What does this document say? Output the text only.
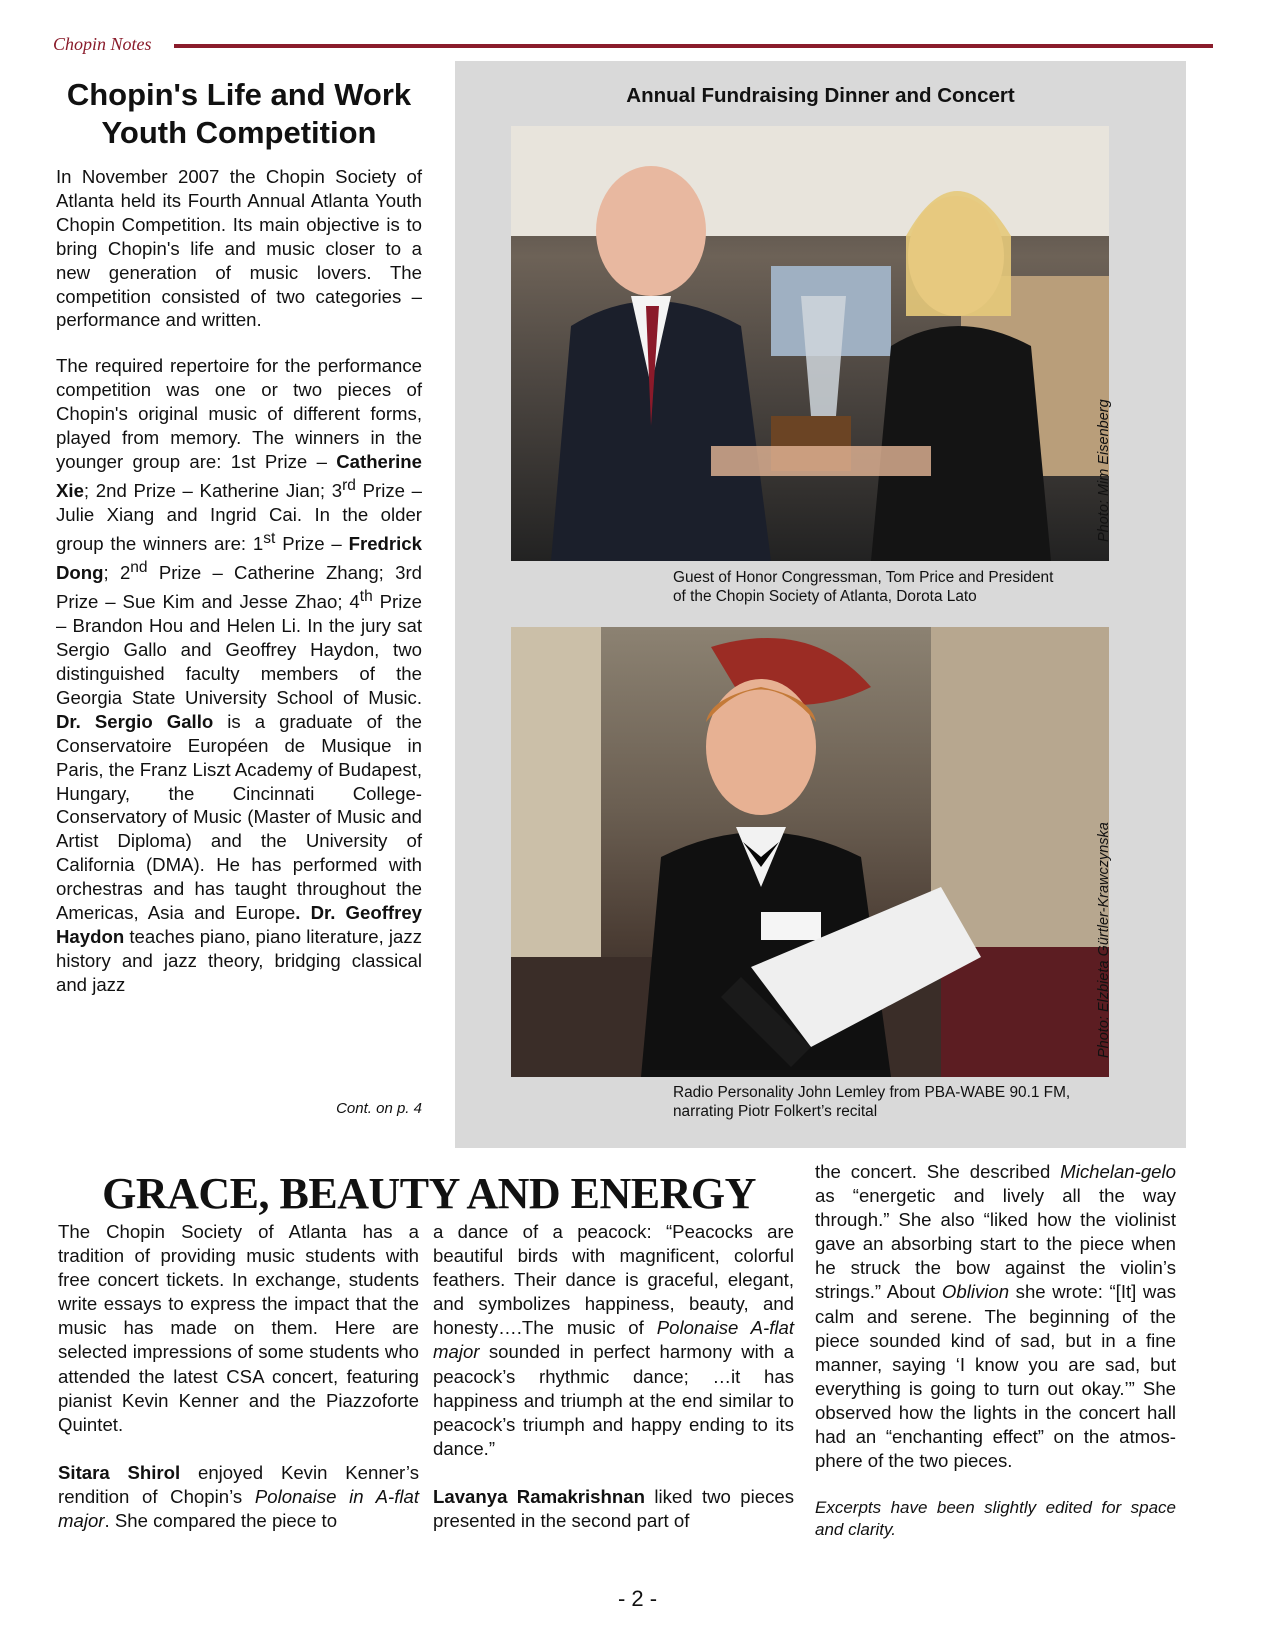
Chopin Notes
Chopin's Life and Work
Youth Competition

In November 2007 the Chopin Society of Atlanta held its Fourth Annual Atlanta Youth Chopin Competition. Its main objective is to bring Chopin's life and music closer to a new generation of music lovers. The competition consisted of two categories – performance and written.

The required repertoire for the performance competition was one or two pieces of Chopin's original music of different forms, played from memory. The winners in the younger group are: 1st Prize – Catherine Xie; 2nd Prize – Katherine Jian; 3rd Prize – Julie Xiang and Ingrid Cai. In the older group the winners are: 1st Prize – Fredrick Dong; 2nd Prize – Catherine Zhang; 3rd Prize – Sue Kim and Jesse Zhao; 4th Prize – Brandon Hou and Helen Li. In the jury sat Sergio Gallo and Geoffrey Haydon, two distinguished faculty members of the Georgia State University School of Music. Dr. Sergio Gallo is a graduate of the Conservatoire Européen de Musique in Paris, the Franz Liszt Academy of Budapest, Hungary, the Cincinnati College-Conservatory of Music (Master of Music and Artist Diploma) and the University of California (DMA). He has performed with orchestras and has taught throughout the Americas, Asia and Europe. Dr. Geoffrey Haydon teaches piano, piano literature, jazz history and jazz theory, bridging classical and jazz

Cont. on p. 4
Annual Fundraising Dinner and Concert
Photo: Mim Eisenberg
Guest of Honor Congressman, Tom Price and President
of the Chopin Society of Atlanta, Dorota Lato
Photo: Elzbieta Gürtler-Krawczynska
Radio Personality John Lemley from PBA-WABE 90.1 FM,
narrating Piotr Folkert’s recital
GRACE, BEAUTY AND ENERGY

The Chopin Society of Atlanta has a tradition of providing music students with free concert tickets. In exchange, students write essays to express the impact that the music has made on them. Here are selected impressions of some students who attended the latest CSA concert, featuring pianist Kevin Kenner and the Piazzoforte Quintet.

Sitara Shirol enjoyed Kevin Kenner’s rendition of Chopin’s Polonaise in A-flat major. She compared the piece to

a dance of a peacock: “Peacocks are beautiful birds with magnificent, colorful feathers. Their dance is graceful, elegant, and symbolizes happiness, beauty, and honesty….The music of Polonaise A-flat major sounded in perfect harmony with a peacock’s rhythmic dance; …it has happiness and triumph at the end similar to peacock’s triumph and happy ending to its dance.”

Lavanya Ramakrishnan liked two pieces presented in the second part of

the concert. She described Michelan-gelo as “energetic and lively all the way through.” She also “liked how the violinist gave an absorbing start to the piece when he struck the bow against the violin’s strings.” About Oblivion she wrote: “[It] was calm and serene. The beginning of the piece sounded kind of sad, but in a fine manner, saying ‘I know you are sad, but everything is going to turn out okay.’” She observed how the lights in the concert hall had an “enchanting effect” on the atmos-phere of the two pieces.

Excerpts have been slightly edited for space and clarity.

- 2 -
